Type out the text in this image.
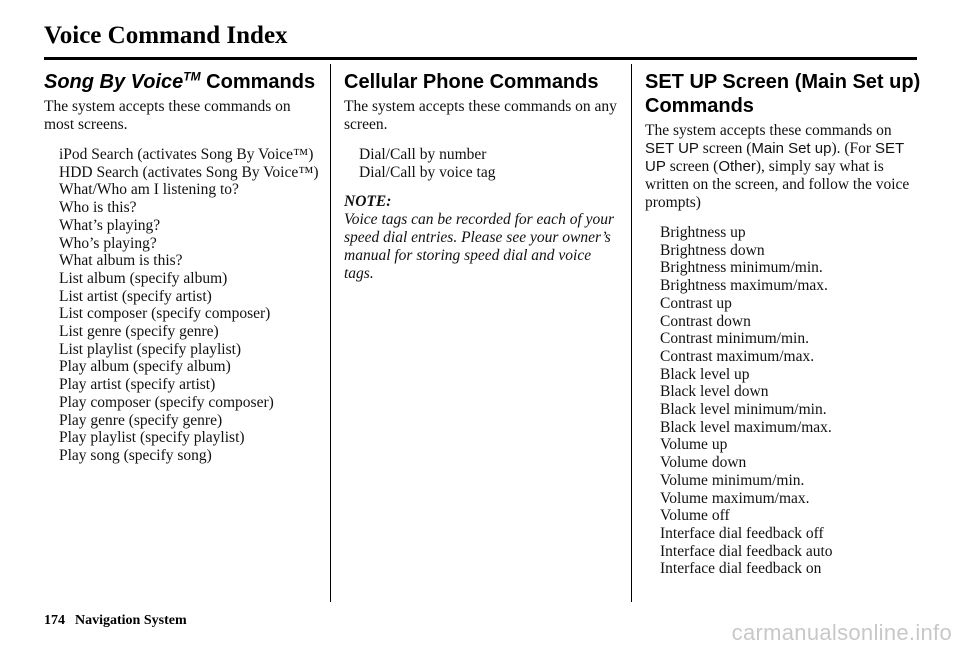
Voice Command Index
Song By Voice™ Commands

The system accepts these commands on most screens.

iPod Search (activates Song By Voice™)
HDD Search (activates Song By Voice™)
What/Who am I listening to?
Who is this?
What’s playing?
Who’s playing?
What album is this?
List album (specify album)
List artist (specify artist)
List composer (specify composer)
List genre (specify genre)
List playlist (specify playlist)
Play album (specify album)
Play artist (specify artist)
Play composer (specify composer)
Play genre (specify genre)
Play playlist (specify playlist)
Play song (specify song)
Cellular Phone Commands

The system accepts these commands on any screen.

Dial/Call by number
Dial/Call by voice tag
NOTE:
Voice tags can be recorded for each of your speed dial entries. Please see your owner’s manual for storing speed dial and voice tags.
SET UP Screen (Main Set up) Commands

The system accepts these commands on SET UP screen (Main Set up). (For SET UP screen (Other), simply say what is written on the screen, and follow the voice prompts)

Brightness up
Brightness down
Brightness minimum/min.
Brightness maximum/max.
Contrast up
Contrast down
Contrast minimum/min.
Contrast maximum/max.
Black level up
Black level down
Black level minimum/min.
Black level maximum/max.
Volume up
Volume down
Volume minimum/min.
Volume maximum/max.
Volume off
Interface dial feedback off
Interface dial feedback auto
Interface dial feedback on
174 Navigation System	carmanualsonline.info
